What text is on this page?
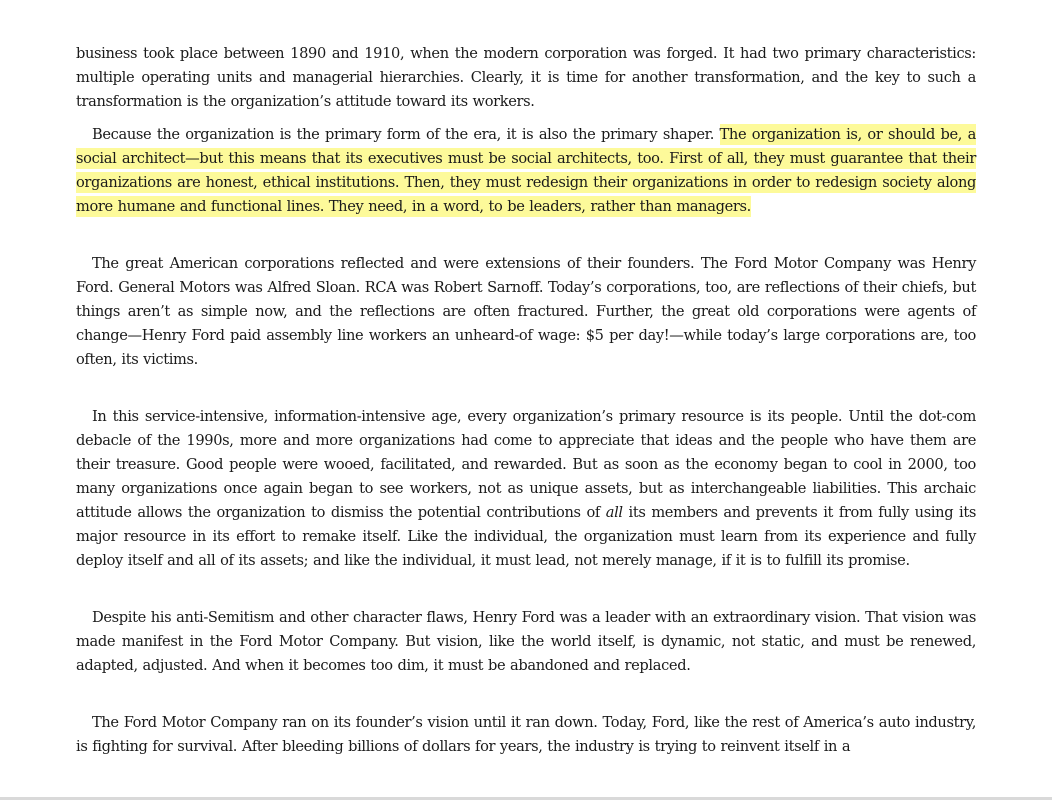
business took place between 1890 and 1910, when the modern corporation was forged. It had two primary characteristics: multiple operating units and managerial hierarchies. Clearly, it is time for another transformation, and the key to such a transformation is the organization’s attitude toward its workers.

Because the organization is the primary form of the era, it is also the primary shaper. The organization is, or should be, a social architect—but this means that its executives must be social architects, too. First of all, they must guarantee that their organizations are honest, ethical institutions. Then, they must redesign their organizations in order to redesign society along more humane and functional lines. They need, in a word, to be leaders, rather than managers.

The great American corporations reflected and were extensions of their founders. The Ford Motor Company was Henry Ford. General Motors was Alfred Sloan. RCA was Robert Sarnoff. Today’s corporations, too, are reflections of their chiefs, but things aren’t as simple now, and the reflections are often fractured. Further, the great old corporations were agents of change—Henry Ford paid assembly line workers an unheard-of wage: $5 per day!—while today’s large corporations are, too often, its victims.

In this service-intensive, information-intensive age, every organization’s primary resource is its people. Until the dot-com debacle of the 1990s, more and more organizations had come to appreciate that ideas and the people who have them are their treasure. Good people were wooed, facilitated, and rewarded. But as soon as the economy began to cool in 2000, too many organizations once again began to see workers, not as unique assets, but as interchangeable liabilities. This archaic attitude allows the organization to dismiss the potential contributions of all its members and prevents it from fully using its major resource in its effort to remake itself. Like the individual, the organization must learn from its experience and fully deploy itself and all of its assets; and like the individual, it must lead, not merely manage, if it is to fulfill its promise.

Despite his anti-Semitism and other character flaws, Henry Ford was a leader with an extraordinary vision. That vision was made manifest in the Ford Motor Company. But vision, like the world itself, is dynamic, not static, and must be renewed, adapted, adjusted. And when it becomes too dim, it must be abandoned and replaced.

The Ford Motor Company ran on its founder’s vision until it ran down. Today, Ford, like the rest of America’s auto industry, is fighting for survival. After bleeding billions of dollars for years, the industry is trying to reinvent itself in a
